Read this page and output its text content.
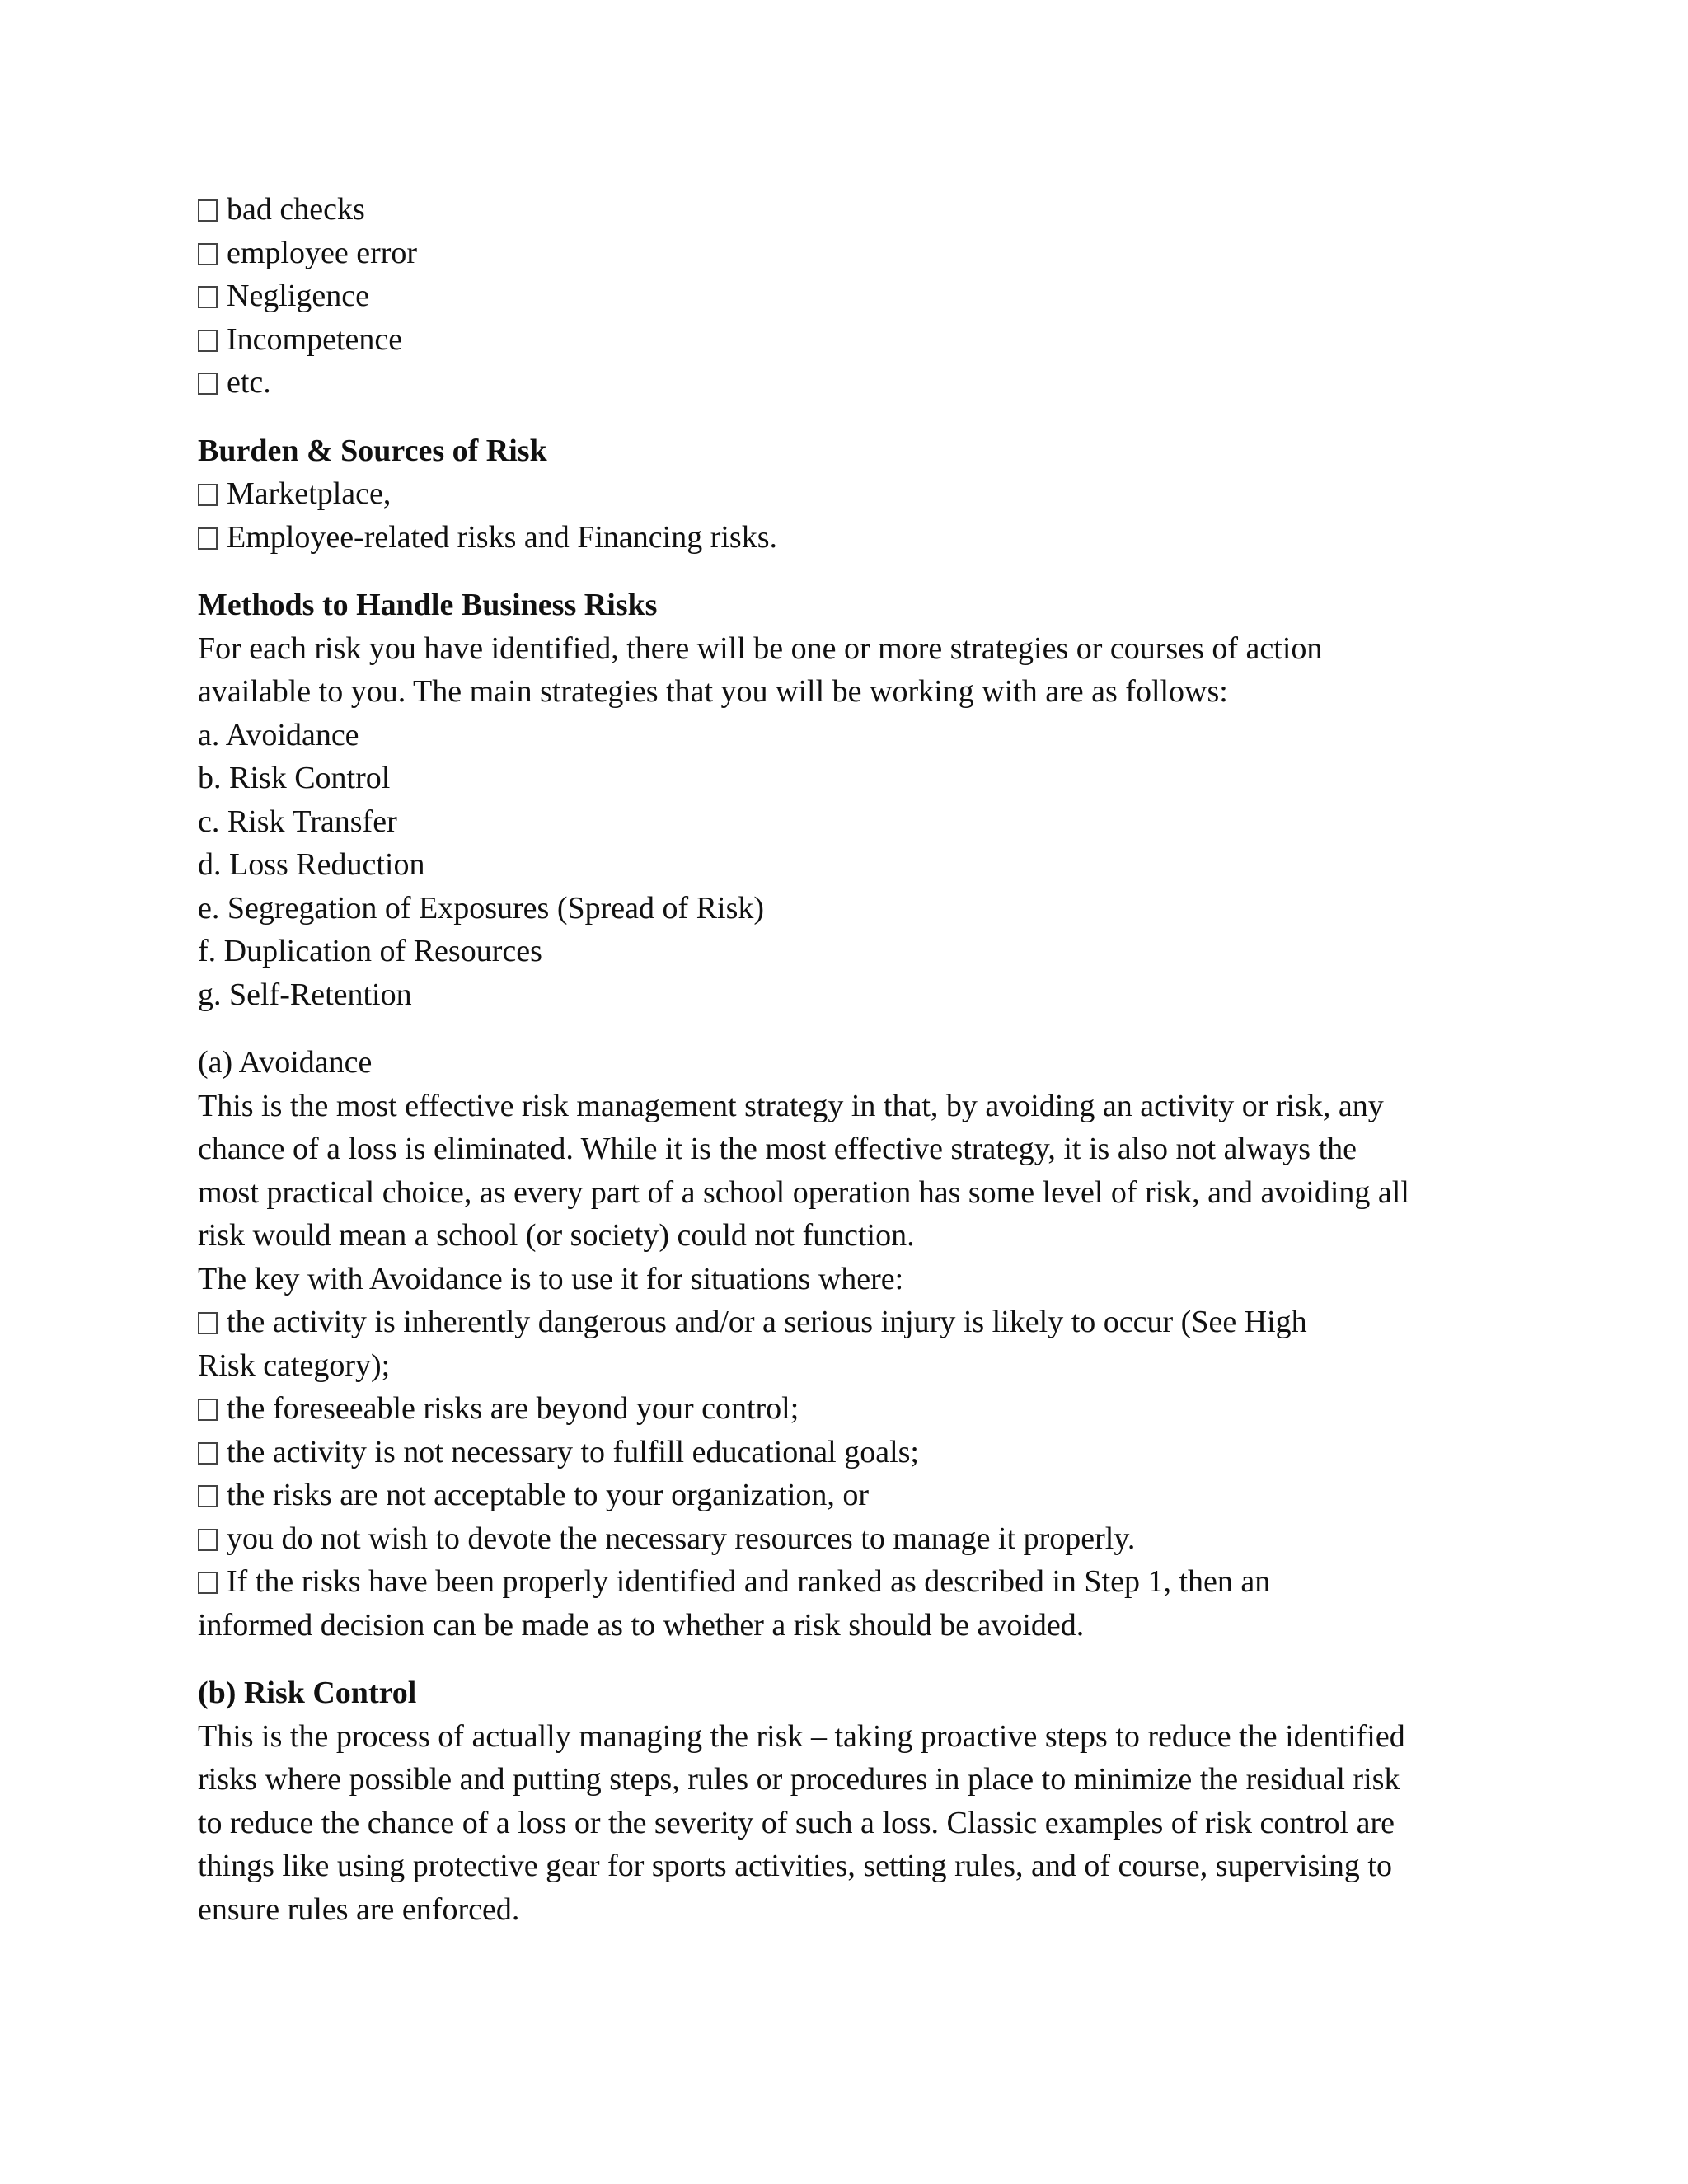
bad checks
employee error
Negligence
Incompetence
etc.
Burden & Sources of Risk
Marketplace,
Employee-related risks and Financing risks.
Methods to Handle Business Risks
For each risk you have identified, there will be one or more strategies or courses of action
available to you. The main strategies that you will be working with are as follows:
a. Avoidance
b. Risk Control
c. Risk Transfer
d. Loss Reduction
e. Segregation of Exposures (Spread of Risk)
f. Duplication of Resources
g. Self-Retention
(a) Avoidance
This is the most effective risk management strategy in that, by avoiding an activity or risk, any
chance of a loss is eliminated. While it is the most effective strategy, it is also not always the
most practical choice, as every part of a school operation has some level of risk, and avoiding all
risk would mean a school (or society) could not function.
The key with Avoidance is to use it for situations where:
the activity is inherently dangerous and/or a serious injury is likely to occur (See High
Risk category);
the foreseeable risks are beyond your control;
the activity is not necessary to fulfill educational goals;
the risks are not acceptable to your organization, or
you do not wish to devote the necessary resources to manage it properly.
If the risks have been properly identified and ranked as described in Step 1, then an
informed decision can be made as to whether a risk should be avoided.
(b) Risk Control
This is the process of actually managing the risk – taking proactive steps to reduce the identified
risks where possible and putting steps, rules or procedures in place to minimize the residual risk
to reduce the chance of a loss or the severity of such a loss. Classic examples of risk control are
things like using protective gear for sports activities, setting rules, and of course, supervising to
ensure rules are enforced.
